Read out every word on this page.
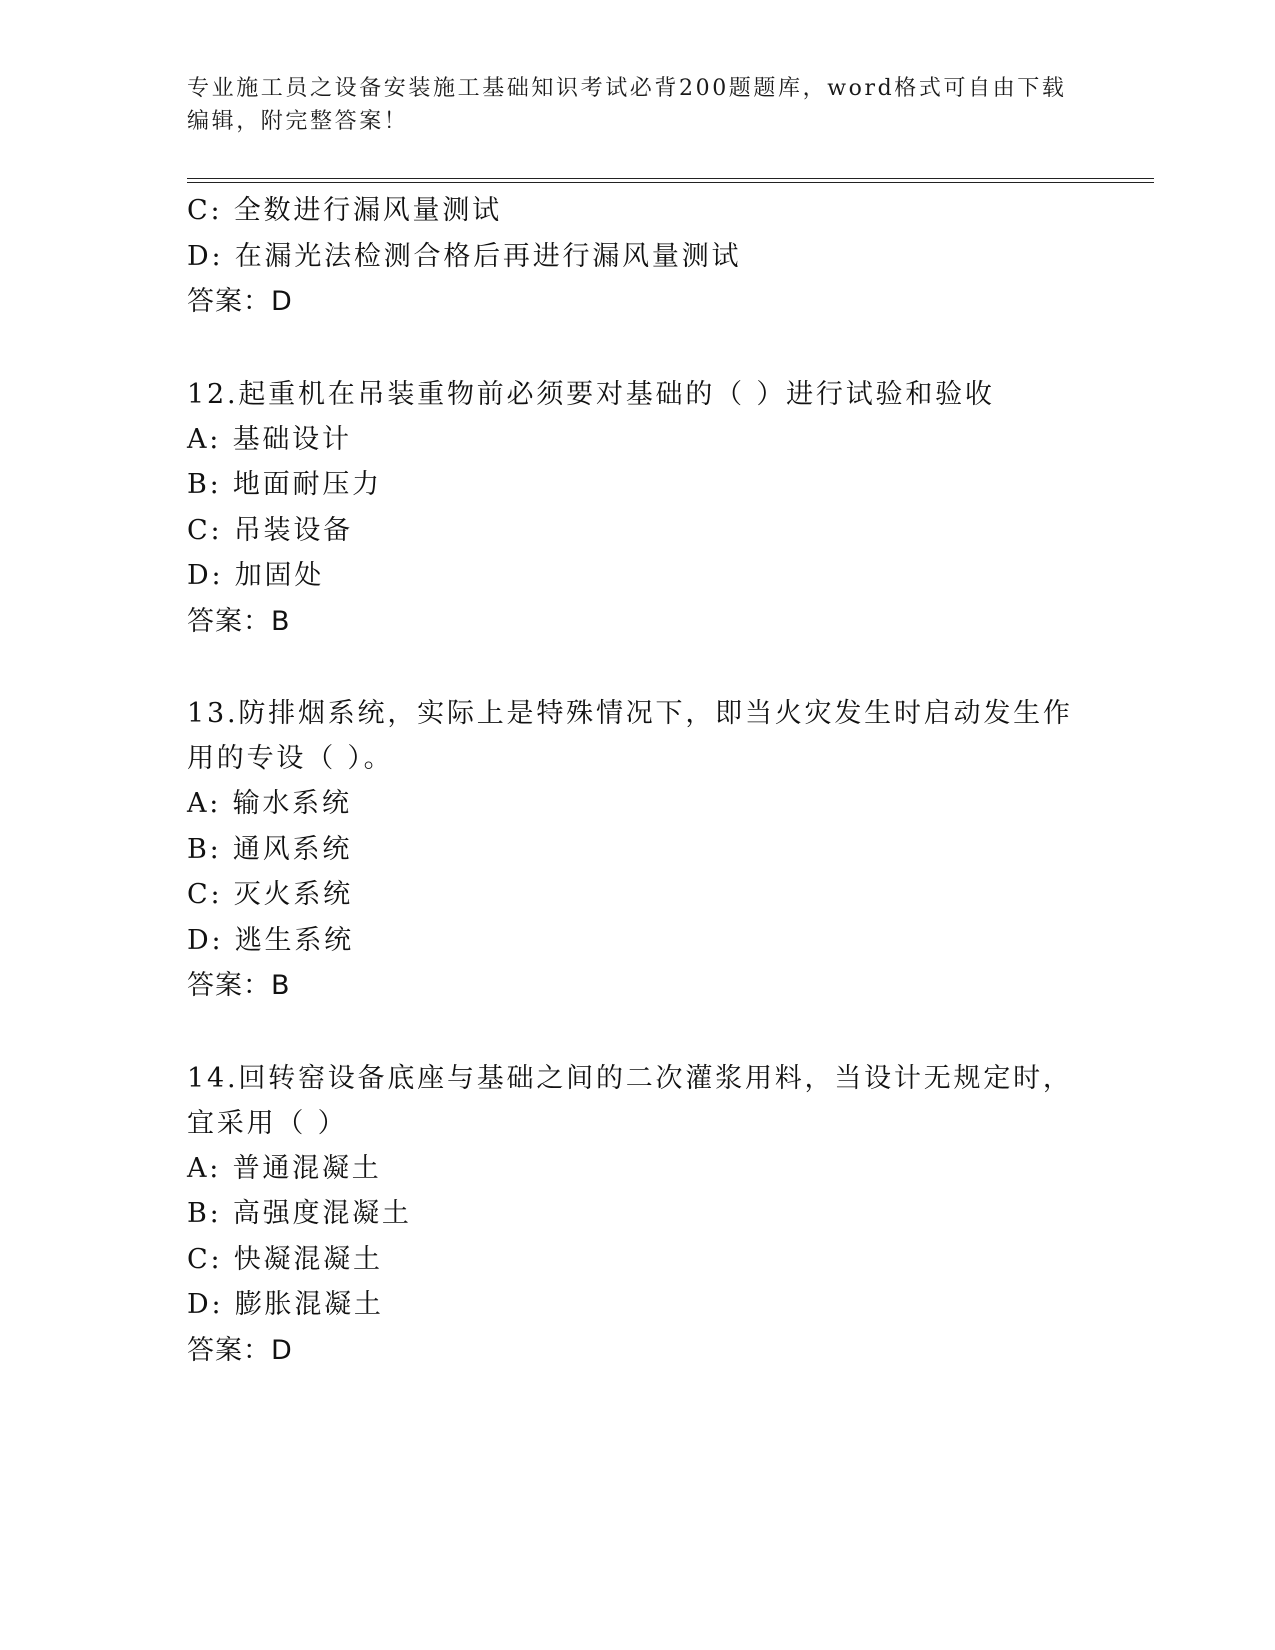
专业施工员之设备安装施工基础知识考试必背200题题库，word格式可自由下载
编辑，附完整答案！
C: 全数进行漏风量测试
D: 在漏光法检测合格后再进行漏风量测试
答案：D
12.起重机在吊装重物前必须要对基础的（ ）进行试验和验收
A: 基础设计
B: 地面耐压力
C: 吊装设备
D: 加固处
答案：B
13.防排烟系统，实际上是特殊情况下，即当火灾发生时启动发生作用的专设（ ）。
A: 输水系统
B: 通风系统
C: 灭火系统
D: 逃生系统
答案：B
14.回转窑设备底座与基础之间的二次灌浆用料，当设计无规定时，宜采用（ ）
A: 普通混凝土
B: 高强度混凝土
C: 快凝混凝土
D: 膨胀混凝土
答案：D
